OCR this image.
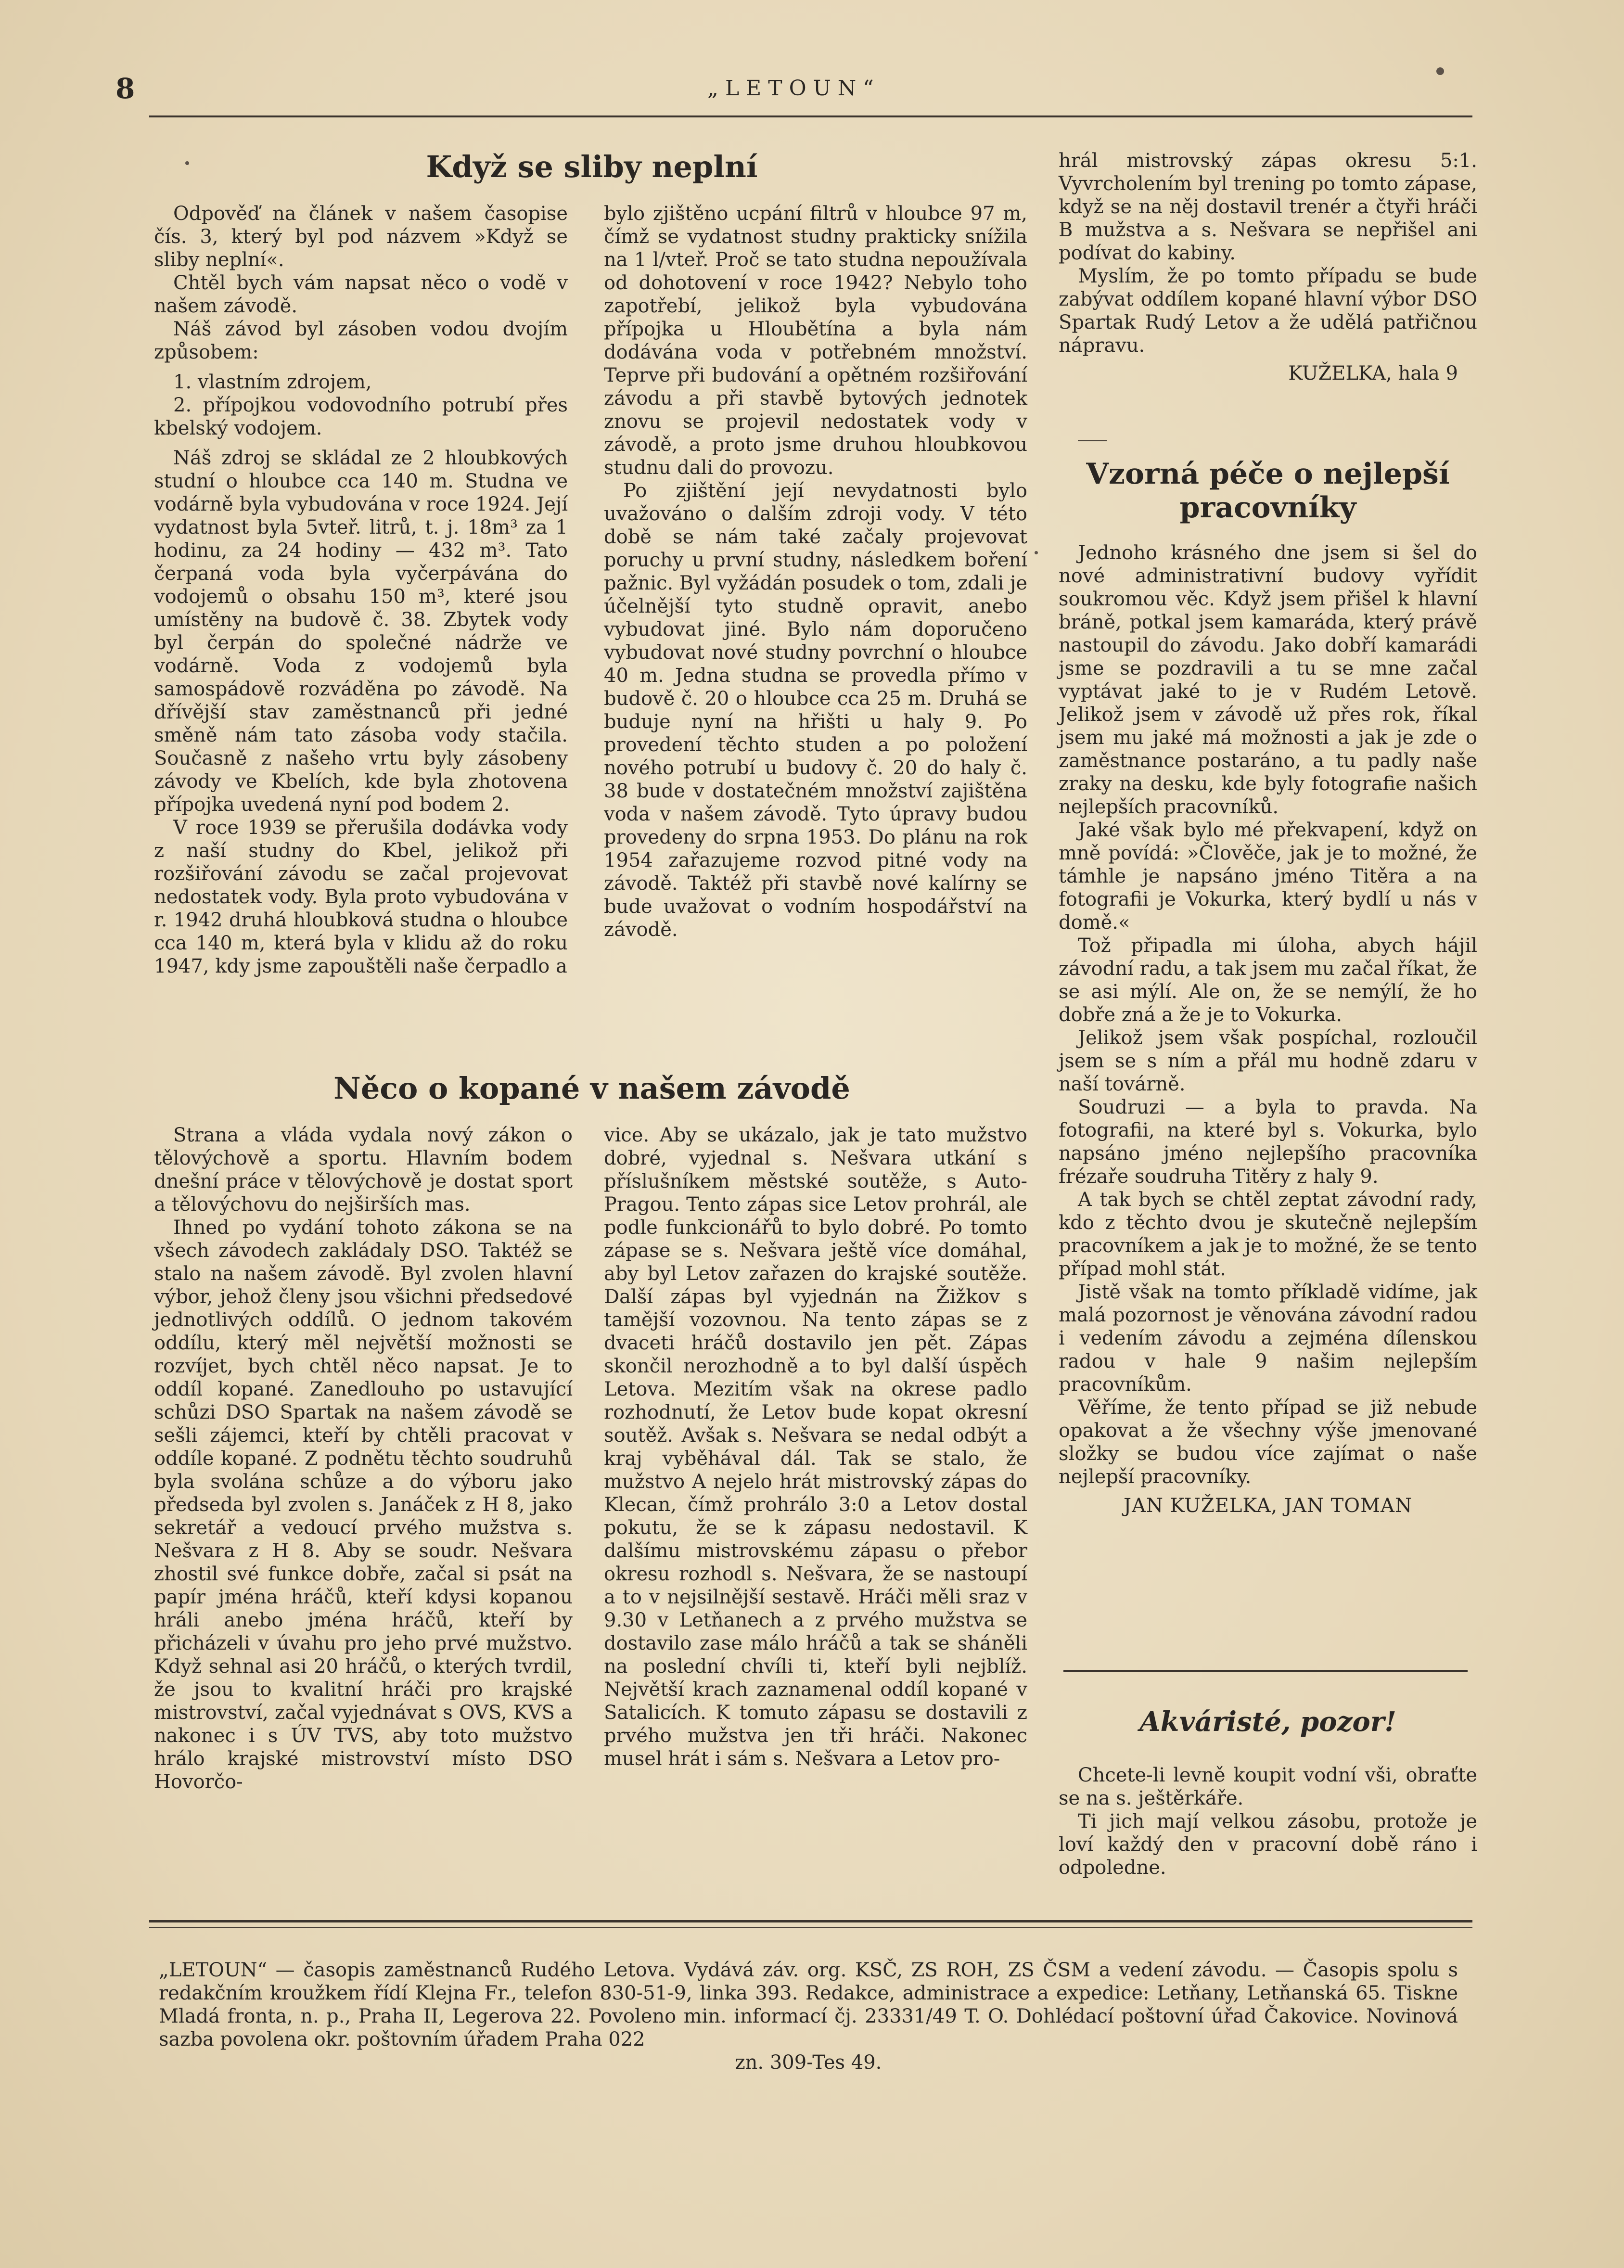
8	„LETOUN“
Když se sliby neplní

Odpověď na článek v našem časopise čís. 3, který byl pod názvem »Když se sliby neplní«.

Chtěl bych vám napsat něco o vodě v našem závodě.

Náš závod byl zásoben vodou dvojím způsobem:

1. vlastním zdrojem,

2. přípojkou vodovodního potrubí přes kbelský vodojem.

Náš zdroj se skládal ze 2 hloubkových studní o hloubce cca 140 m. Studna ve vodárně byla vybudována v roce 1924. Její vydatnost byla 5vteř. litrů, t. j. 18m³ za 1 hodinu, za 24 hodiny — 432 m³. Tato čerpaná voda byla vyčerpávána do vodojemů o obsahu 150 m³, které jsou umístěny na budově č. 38. Zbytek vody byl čerpán do společné nádrže ve vodárně. Voda z vodojemů byla samospádově rozváděna po závodě. Na dřívější stav zaměstnanců při jedné směně nám tato zásoba vody stačila. Současně z našeho vrtu byly zásobeny závody ve Kbelích, kde byla zhotovena přípojka uvedená nyní pod bodem 2.

V roce 1939 se přerušila dodávka vody z naší studny do Kbel, jelikož při rozšiřování závodu se začal projevovat nedostatek vody. Byla proto vybudována v r. 1942 druhá hloubková studna o hloubce cca 140 m, která byla v klidu až do roku 1947, kdy jsme zapouštěli naše čerpadlo a

bylo zjištěno ucpání filtrů v hloubce 97 m, čímž se vydatnost studny prakticky snížila na 1 l/vteř. Proč se tato studna nepoužívala od dohotovení v roce 1942? Nebylo toho zapotřebí, jelikož byla vybudována přípojka u Hloubětína a byla nám dodávána voda v potřebném množství. Teprve při budování a opětném rozšiřování závodu a při stavbě bytových jednotek znovu se projevil nedostatek vody v závodě, a proto jsme druhou hloubkovou studnu dali do provozu.

Po zjištění její nevydatnosti bylo uvažováno o dalším zdroji vody. V této době se nám také začaly projevovat poruchy u první studny, následkem boření pažnic. Byl vyžádán posudek o tom, zdali je účelnější tyto studně opravit, anebo vybudovat jiné. Bylo nám doporučeno vybudovat nové studny povrchní o hloubce 40 m. Jedna studna se provedla přímo v budově č. 20 o hloubce cca 25 m. Druhá se buduje nyní na hřišti u haly 9. Po provedení těchto studen a po položení nového potrubí u budovy č. 20 do haly č. 38 bude v dostatečném množství zajištěna voda v našem závodě. Tyto úpravy budou provedeny do srpna 1953. Do plánu na rok 1954 zařazujeme rozvod pitné vody na závodě. Taktéž při stavbě nové kalírny se bude uvažovat o vodním hospodářství na závodě.

Něco o kopané v našem závodě

Strana a vláda vydala nový zákon o tělovýchově a sportu. Hlavním bodem dnešní práce v tělovýchově je dostat sport a tělovýchovu do nejširších mas.

Ihned po vydání tohoto zákona se na všech závodech zakládaly DSO. Taktéž se stalo na našem závodě. Byl zvolen hlavní výbor, jehož členy jsou všichni předsedové jednotlivých oddílů. O jednom takovém oddílu, který měl největší možnosti se rozvíjet, bych chtěl něco napsat. Je to oddíl kopané. Zanedlouho po ustavující schůzi DSO Spartak na našem závodě se sešli zájemci, kteří by chtěli pracovat v oddíle kopané. Z podnětu těchto soudruhů byla svolána schůze a do výboru jako předseda byl zvolen s. Janáček z H 8, jako sekretář a vedoucí prvého mužstva s. Nešvara z H 8. Aby se soudr. Nešvara zhostil své funkce dobře, začal si psát na papír jména hráčů, kteří kdysi kopanou hráli anebo jména hráčů, kteří by přicházeli v úvahu pro jeho prvé mužstvo. Když sehnal asi 20 hráčů, o kterých tvrdil, že jsou to kvalitní hráči pro krajské mistrovství, začal vyjednávat s OVS, KVS a nakonec i s ÚV TVS, aby toto mužstvo hrálo krajské mistrovství místo DSO Hovorčo-

vice. Aby se ukázalo, jak je tato mužstvo dobré, vyjednal s. Nešvara utkání s příslušníkem městské soutěže, s Auto-Pragou. Tento zápas sice Letov prohrál, ale podle funkcionářů to bylo dobré. Po tomto zápase se s. Nešvara ještě více domáhal, aby byl Letov zařazen do krajské soutěže. Další zápas byl vyjednán na Žižkov s tamější vozovnou. Na tento zápas se z dvaceti hráčů dostavilo jen pět. Zápas skončil nerozhodně a to byl další úspěch Letova. Mezitím však na okrese padlo rozhodnutí, že Letov bude kopat okresní soutěž. Avšak s. Nešvara se nedal odbýt a kraj vyběhával dál. Tak se stalo, že mužstvo A nejelo hrát mistrovský zápas do Klecan, čímž prohrálo 3:0 a Letov dostal pokutu, že se k zápasu nedostavil. K dalšímu mistrovskému zápasu o přebor okresu rozhodl s. Nešvara, že se nastoupí a to v nejsilnější sestavě. Hráči měli sraz v 9.30 v Letňanech a z prvého mužstva se dostavilo zase málo hráčů a tak se sháněli na poslední chvíli ti, kteří byli nejblíž. Největší krach zaznamenal oddíl kopané v Satalicích. K tomuto zápasu se dostavili z prvého mužstva jen tři hráči. Nakonec musel hrát i sám s. Nešvara a Letov pro-

hrál mistrovský zápas okresu 5:1. Vyvrcholením byl trening po tomto zápase, když se na něj dostavil trenér a čtyři hráči B mužstva a s. Nešvara se nepřišel ani podívat do kabiny.

Myslím, že po tomto případu se bude zabývat oddílem kopané hlavní výbor DSO Spartak Rudý Letov a že udělá patřičnou nápravu.

KUŽELKA, hala 9

Vzorná péče o nejlepší
pracovníky

Jednoho krásného dne jsem si šel do nové administrativní budovy vyřídit soukromou věc. Když jsem přišel k hlavní bráně, potkal jsem kamaráda, který právě nastoupil do závodu. Jako dobří kamarádi jsme se pozdravili a tu se mne začal vyptávat jaké to je v Rudém Letově. Jelikož jsem v závodě už přes rok, říkal jsem mu jaké má možnosti a jak je zde o zaměstnance postaráno, a tu padly naše zraky na desku, kde byly fotografie našich nejlepších pracovníků.

Jaké však bylo mé překvapení, když on mně povídá: »Člověče, jak je to možné, že támhle je napsáno jméno Titěra a na fotografii je Vokurka, který bydlí u nás v domě.«

Tož připadla mi úloha, abych hájil závodní radu, a tak jsem mu začal říkat, že se asi mýlí. Ale on, že se nemýlí, že ho dobře zná a že je to Vokurka.

Jelikož jsem však pospíchal, rozloučil jsem se s ním a přál mu hodně zdaru v naší továrně.

Soudruzi — a byla to pravda. Na fotografii, na které byl s. Vokurka, bylo napsáno jméno nejlepšího pracovníka frézaře soudruha Titěry z haly 9.

A tak bych se chtěl zeptat závodní rady, kdo z těchto dvou je skutečně nejlepším pracovníkem a jak je to možné, že se tento případ mohl stát.

Jistě však na tomto příkladě vidíme, jak malá pozornost je věnována závodní radou i vedením závodu a zejména dílenskou radou v hale 9 našim nejlepším pracovníkům.

Věříme, že tento případ se již nebude opakovat a že všechny výše jmenované složky se budou více zajímat o naše nejlepší pracovníky.

JAN KUŽELKA, JAN TOMAN

Akváristé, pozor!

Chcete-li levně koupit vodní vši, obraťte se na s. ještěrkáře.

Ti jich mají velkou zásobu, protože je loví každý den v pracovní době ráno i odpoledne.

„LETOUN“ — časopis zaměstnanců Rudého Letova. Vydává záv. org. KSČ, ZS ROH, ZS ČSM a vedení závodu. — Časopis spolu s redakčním kroužkem řídí Klejna Fr., telefon 830-51-9, linka 393. Redakce, administrace a expedice: Letňany, Letňanská 65. Tiskne Mladá fronta, n. p., Praha II, Legerova 22. Povoleno min. informací čj. 23331/49 T. O. Dohlédací poštovní úřad Čakovice. Novinová sazba povolena okr. poštovním úřadem Praha 022
zn. 309-Tes 49.
